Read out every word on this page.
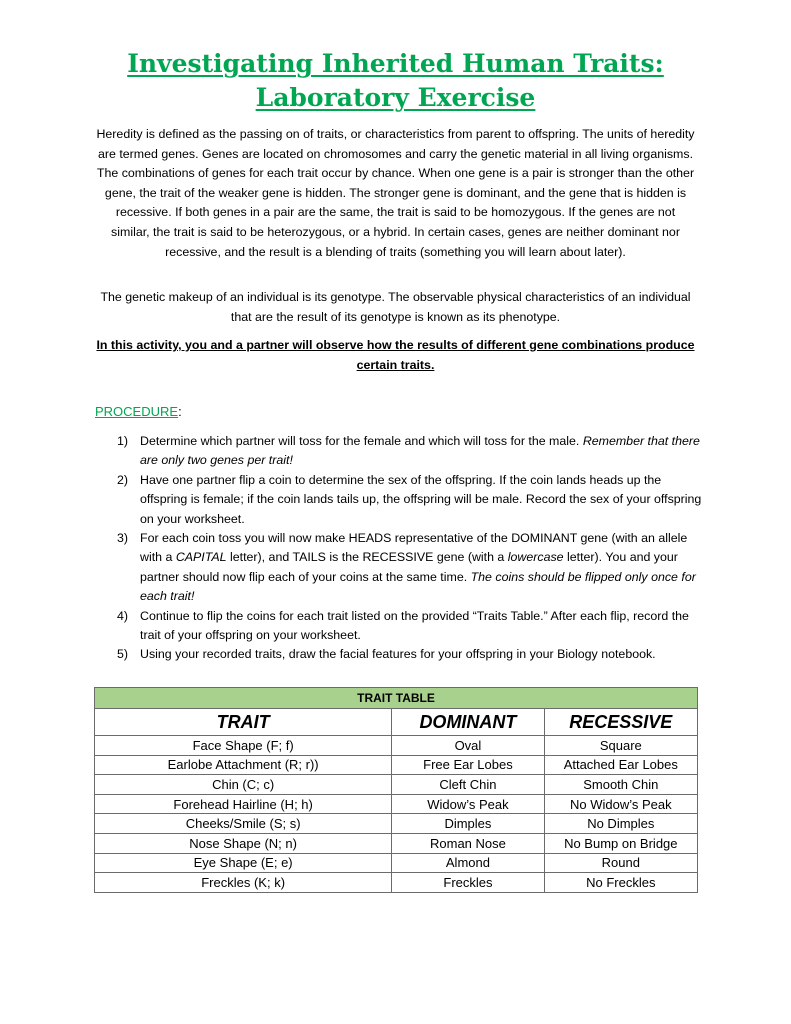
Investigating Inherited Human Traits:
Laboratory Exercise

Heredity is defined as the passing on of traits, or characteristics from parent to offspring. The units of heredity are termed genes. Genes are located on chromosomes and carry the genetic material in all living organisms. The combinations of genes for each trait occur by chance. When one gene is a pair is stronger than the other gene, the trait of the weaker gene is hidden. The stronger gene is dominant, and the gene that is hidden is recessive. If both genes in a pair are the same, the trait is said to be homozygous. If the genes are not similar, the trait is said to be heterozygous, or a hybrid. In certain cases, genes are neither dominant nor recessive, and the result is a blending of traits (something you will learn about later).

The genetic makeup of an individual is its genotype. The observable physical characteristics of an individual that are the result of its genotype is known as its phenotype.

In this activity, you and a partner will observe how the results of different gene combinations produce certain traits.

PROCEDURE:

1) Determine which partner will toss for the female and which will toss for the male. Remember that there are only two genes per trait!
2) Have one partner flip a coin to determine the sex of the offspring. If the coin lands heads up the offspring is female; if the coin lands tails up, the offspring will be male. Record the sex of your offspring on your worksheet.
3) For each coin toss you will now make HEADS representative of the DOMINANT gene (with an allele with a CAPITAL letter), and TAILS is the RECESSIVE gene (with a lowercase letter). You and your partner should now flip each of your coins at the same time. The coins should be flipped only once for each trait!
4) Continue to flip the coins for each trait listed on the provided “Traits Table.” After each flip, record the trait of your offspring on your worksheet.
5) Using your recorded traits, draw the facial features for your offspring in your Biology notebook.
TRAIT TABLE		
TRAIT	DOMINANT	RECESSIVE
Face Shape (F; f)	Oval	Square
Earlobe Attachment (R; r))	Free Ear Lobes	Attached Ear Lobes
Chin (C; c)	Cleft Chin	Smooth Chin
Forehead Hairline (H; h)	Widow’s Peak	No Widow’s Peak
Cheeks/Smile (S; s)	Dimples	No Dimples
Nose Shape (N; n)	Roman Nose	No Bump on Bridge
Eye Shape (E; e)	Almond	Round
Freckles (K; k)	Freckles	No Freckles
